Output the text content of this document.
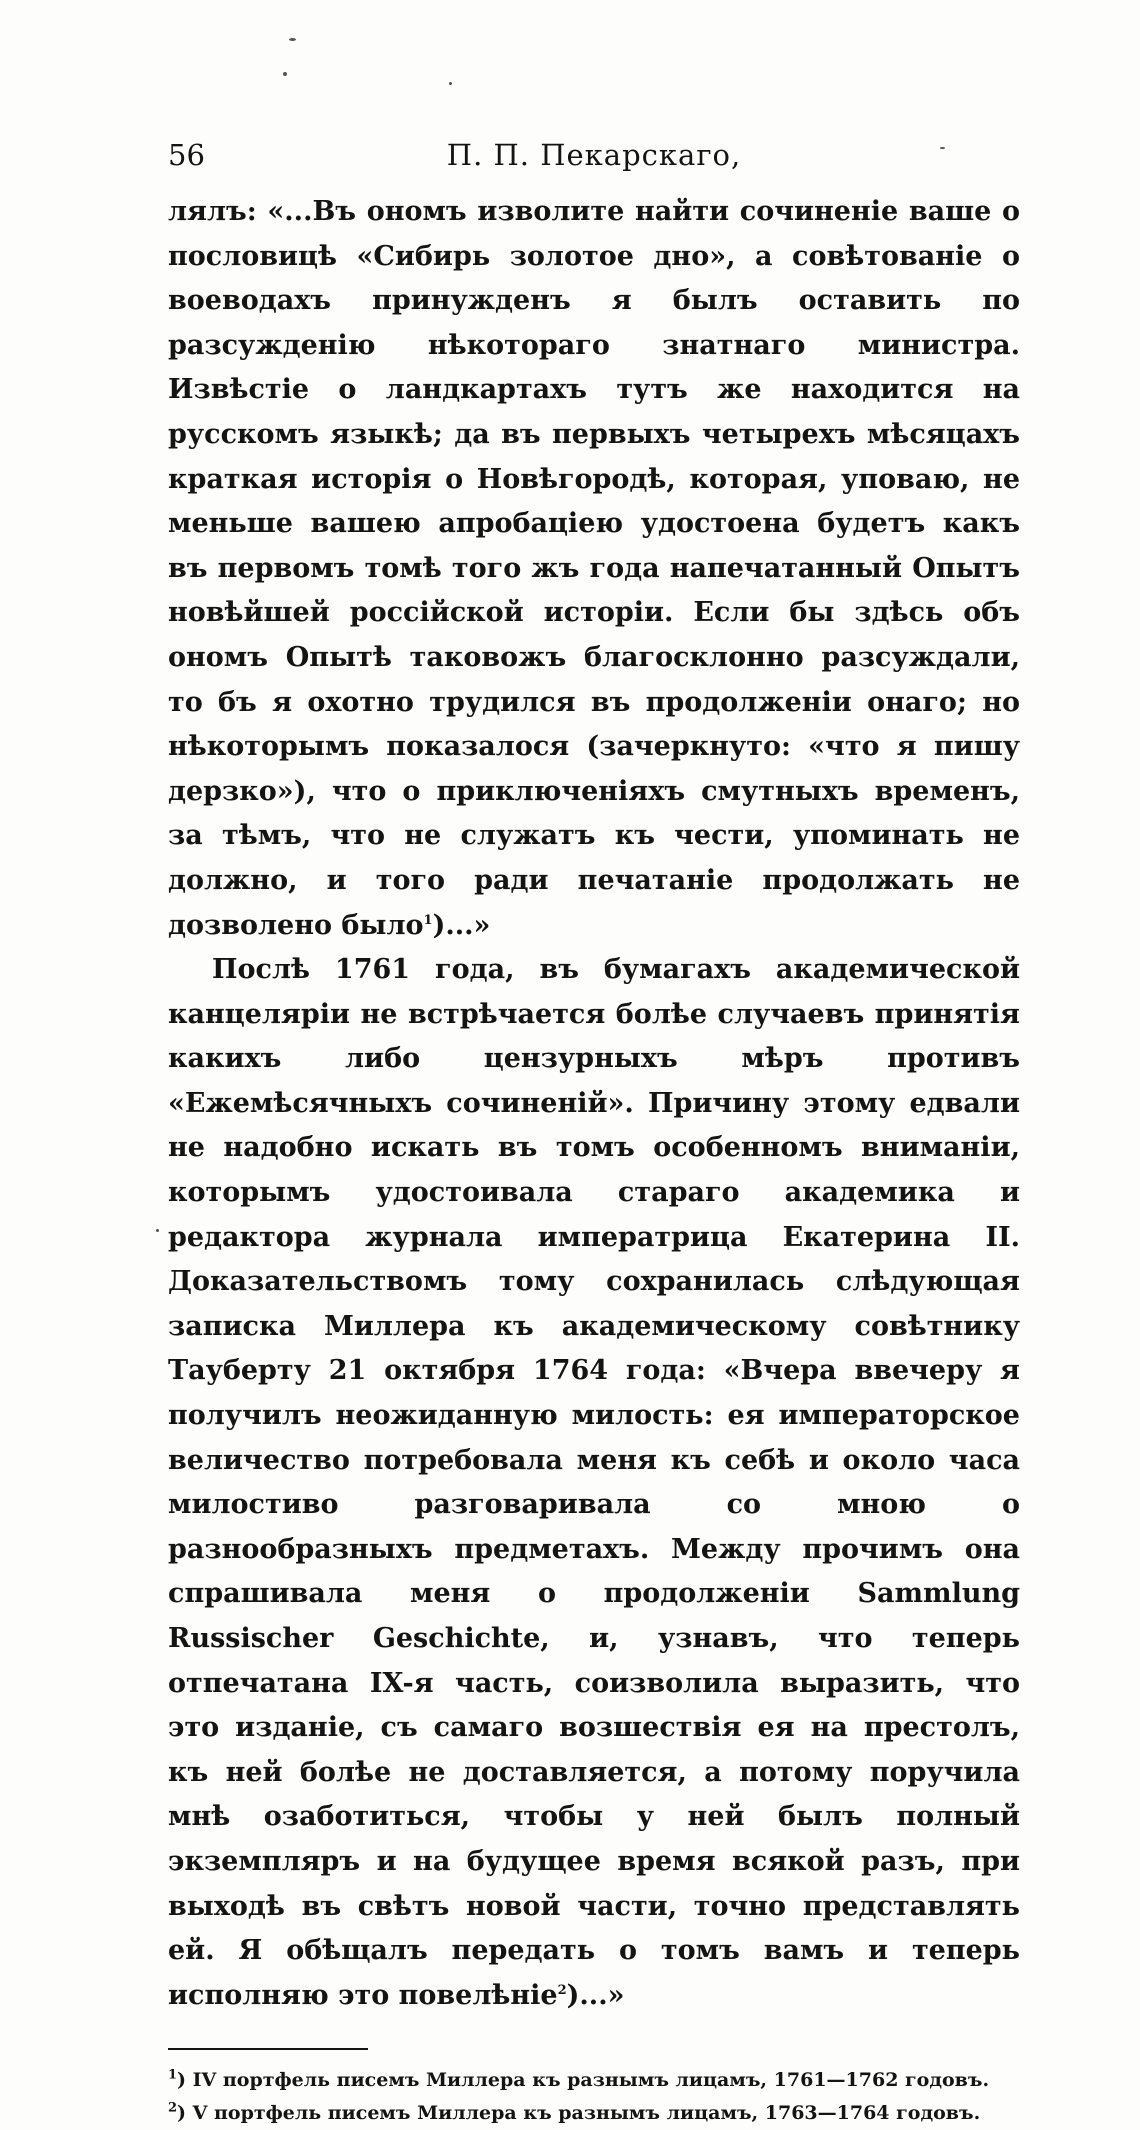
56	П. П. Пекарскаго,

лялъ: «...Въ ономъ изволите найти сочиненіе ваше о пословицѣ «Сибирь золотое дно», а совѣтованіе о воеводахъ принужденъ я былъ оставить по разсужденію нѣкотораго знатнаго министра. Извѣстіе о ландкартахъ тутъ же находится на русскомъ языкѣ; да въ первыхъ четырехъ мѣсяцахъ краткая исторія о Новѣгородѣ, которая, уповаю, не меньше вашею апробаціею удостоена будетъ какъ въ первомъ томѣ того жъ года напечатанный Опытъ новѣйшей россійской исторіи. Если бы здѣсь объ ономъ Опытѣ таковожъ благосклонно разсуждали, то бъ я охотно трудился въ продолженіи онаго; но нѣкоторымъ показалося (зачеркнуто: «что я пишу дерзко»), что о приключеніяхъ смутныхъ временъ, за тѣмъ, что не служатъ къ чести, упоминать не должно, и того ради печатаніе продолжать не дозволено было$^1$)...»

Послѣ 1761 года, въ бумагахъ академической канцеляріи не встрѣчается болѣе случаевъ принятія какихъ либо цензурныхъ мѣръ противъ «Ежемѣсячныхъ сочиненій». Причину этому едвали не надобно искать въ томъ особенномъ вниманіи, которымъ удостоивала стараго академика и редактора журнала императрица Екатерина II. Доказательствомъ тому сохранилась слѣдующая записка Миллера къ академическому совѣтнику Тауберту 21 октября 1764 года: «Вчера ввечеру я получилъ неожиданную милость: ея императорское величество потребовала меня къ себѣ и около часа милостиво разговаривала со мною о разнообразныхъ предметахъ. Между прочимъ она спрашивала меня о продолженіи Sammlung Russischer Geschichte, и, узнавъ, что теперь отпечатана IX-я часть, соизволила выразить, что это изданіе, съ самаго возшествія ея на престолъ, къ ней болѣе не доставляется, а потому поручила мнѣ озаботиться, чтобы у ней былъ полный экземпляръ и на будущее время всякой разъ, при выходѣ въ свѣтъ новой части, точно представлять ей. Я обѣщалъ передать о томъ вамъ и теперь исполняю это повелѣніе$^2$)...»

$^1$) IV портфель писемъ Миллера къ разнымъ лицамъ, 1761—1762 годовъ.
$^2$) V портфель писемъ Миллера къ разнымъ лицамъ, 1763—1764 годовъ.
